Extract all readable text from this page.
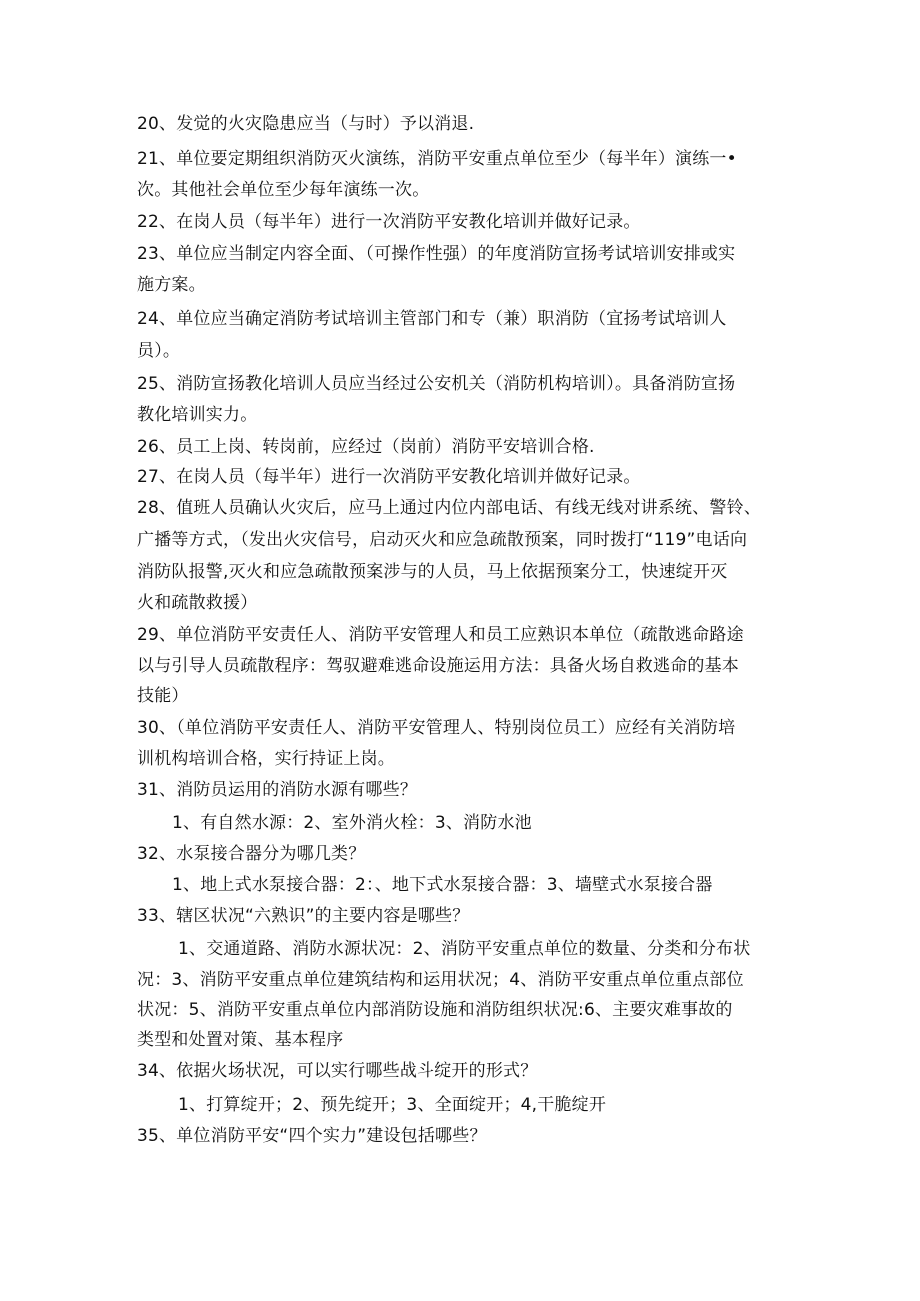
20、发觉的火灾隐患应当（与时）予以消退.
21、单位要定期组织消防灭火演练，消防平安重点单位至少（每半年）演练一•
次。其他社会单位至少每年演练一次。
22、在岗人员（每半年）进行一次消防平安教化培训并做好记录。
23、单位应当制定内容全面、（可操作性强）的年度消防宣扬考试培训安排或实
施方案。
24、单位应当确定消防考试培训主管部门和专（兼）职消防（宜扬考试培训人
员）。
25、消防宣扬教化培训人员应当经过公安机关（消防机构培训）。具备消防宣扬
教化培训实力。
26、员工上岗、转岗前，应经过（岗前）消防平安培训合格.
27、在岗人员（每半年）进行一次消防平安教化培训并做好记录。
28、值班人员确认火灾后，应马上通过内位内部电话、有线无线对讲系统、警铃、
广播等方式，（发出火灾信号，启动灭火和应急疏散预案，同时拨打“119”电话向
消防队报警,灭火和应急疏散预案涉与的人员，马上依据预案分工，快速绽开灭
火和疏散救援）
29、单位消防平安责任人、消防平安管理人和员工应熟识本单位（疏散逃命路途
以与引导人员疏散程序：驾驭避难逃命设施运用方法：具备火场自救逃命的基本
技能）
30、（单位消防平安责任人、消防平安管理人、特别岗位员工）应经有关消防培
训机构培训合格，实行持证上岗。
31、消防员运用的消防水源有哪些？
1、有自然水源：2、室外消火栓：3、消防水池
32、水泵接合器分为哪几类？
1、地上式水泵接合器：2：、地下式水泵接合器：3、墙壁式水泵接合器
33、辖区状况“六熟识”的主要内容是哪些？
1、交通道路、消防水源状况：2、消防平安重点单位的数量、分类和分布状
况：3、消防平安重点单位建筑结构和运用状况；4、消防平安重点单位重点部位
状况：5、消防平安重点单位内部消防设施和消防组织状况:6、主要灾难事故的
类型和处置对策、基本程序
34、依据火场状况，可以实行哪些战斗绽开的形式？
1、打算绽开；2、预先绽开；3、全面绽开；4,干脆绽开
35、单位消防平安“四个实力”建设包括哪些？
